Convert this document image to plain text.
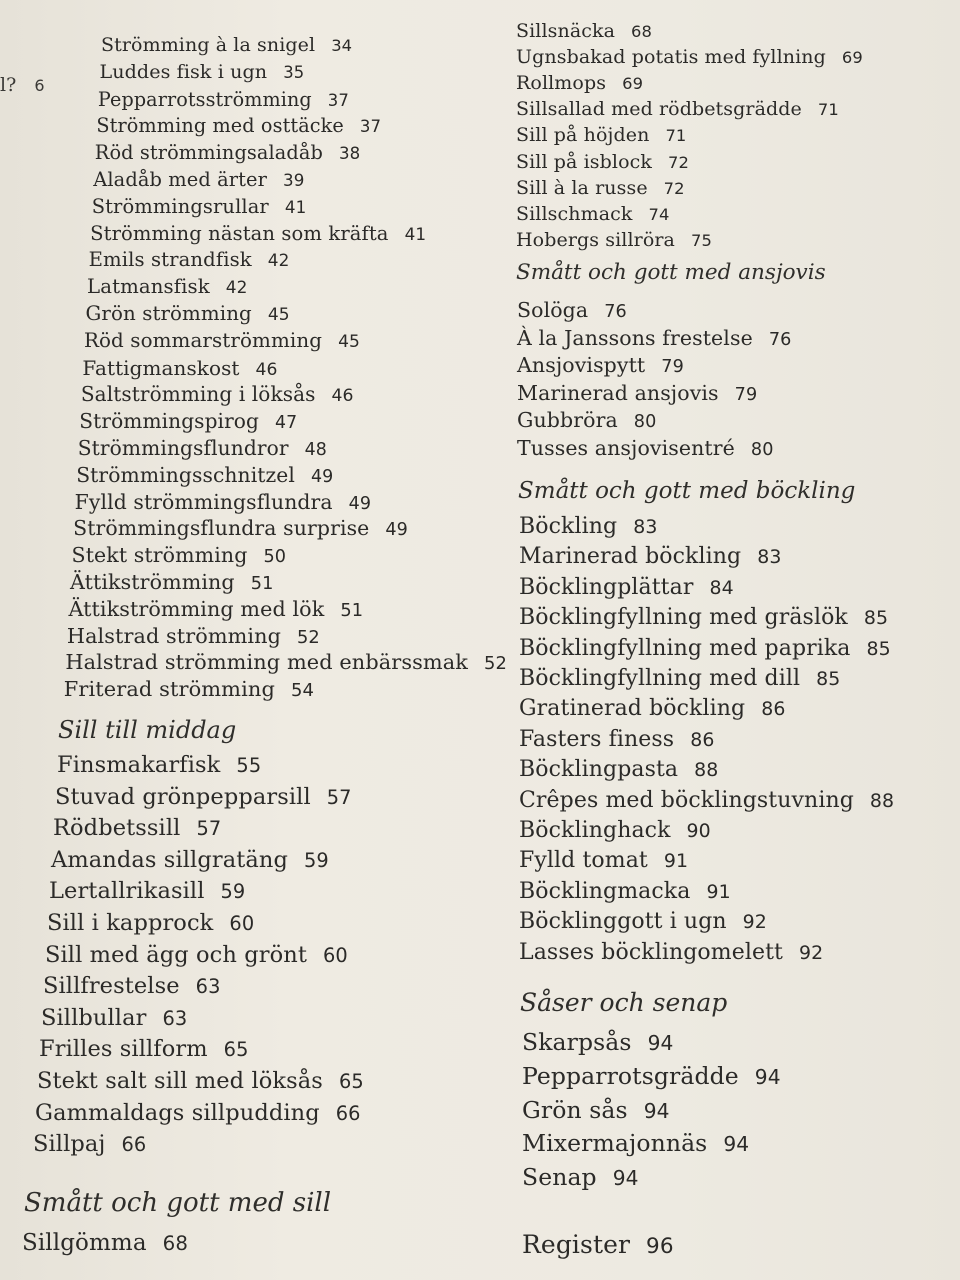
l? 6
Strömming à la snigel 34
Luddes fisk i ugn 35
Pepparrotsströmming 37
Strömming med osttäcke 37
Röd strömmingsaladåb 38
Aladåb med ärter 39
Strömmingsrullar 41
Strömming nästan som kräfta 41
Emils strandfisk 42
Latmansfisk 42
Grön strömming 45
Röd sommarströmming 45
Fattigmanskost 46
Saltströmming i löksås 46
Strömmingspirog 47
Strömmingsflundror 48
Strömmingsschnitzel 49
Fylld strömmingsflundra 49
Strömmingsflundra surprise 49
Stekt strömming 50
Ättikströmming 51
Ättikströmming med lök 51
Halstrad strömming 52
Halstrad strömming med enbärssmak 52
Friterad strömming 54
Sill till middag
Finsmakarfisk 55
Stuvad grönpepparsill 57
Rödbetssill 57
Amandas sillgratäng 59
Lertallrikasill 59
Sill i kapprock 60
Sill med ägg och grönt 60
Sillfrestelse 63
Sillbullar 63
Frilles sillform 65
Stekt salt sill med löksås 65
Gammaldags sillpudding 66
Sillpaj 66
Smått och gott med sill
Sillgömma 68
Sillsnäcka 68
Ugnsbakad potatis med fyllning 69
Rollmops 69
Sillsallad med rödbetsgrädde 71
Sill på höjden 71
Sill på isblock 72
Sill à la russe 72
Sillschmack 74
Hobergs sillröra 75
Smått och gott med ansjovis
Solöga 76
À la Janssons frestelse 76
Ansjovispytt 79
Marinerad ansjovis 79
Gubbröra 80
Tusses ansjovisentré 80
Smått och gott med böckling
Böckling 83
Marinerad böckling 83
Böcklingplättar 84
Böcklingfyllning med gräslök 85
Böcklingfyllning med paprika 85
Böcklingfyllning med dill 85
Gratinerad böckling 86
Fasters finess 86
Böcklingpasta 88
Crêpes med böcklingstuvning 88
Böcklinghack 90
Fylld tomat 91
Böcklingmacka 91
Böcklinggott i ugn 92
Lasses böcklingomelett 92
Såser och senap
Skarpsås 94
Pepparrotsgrädde 94
Grön sås 94
Mixermajonnäs 94
Senap 94
Register 96
